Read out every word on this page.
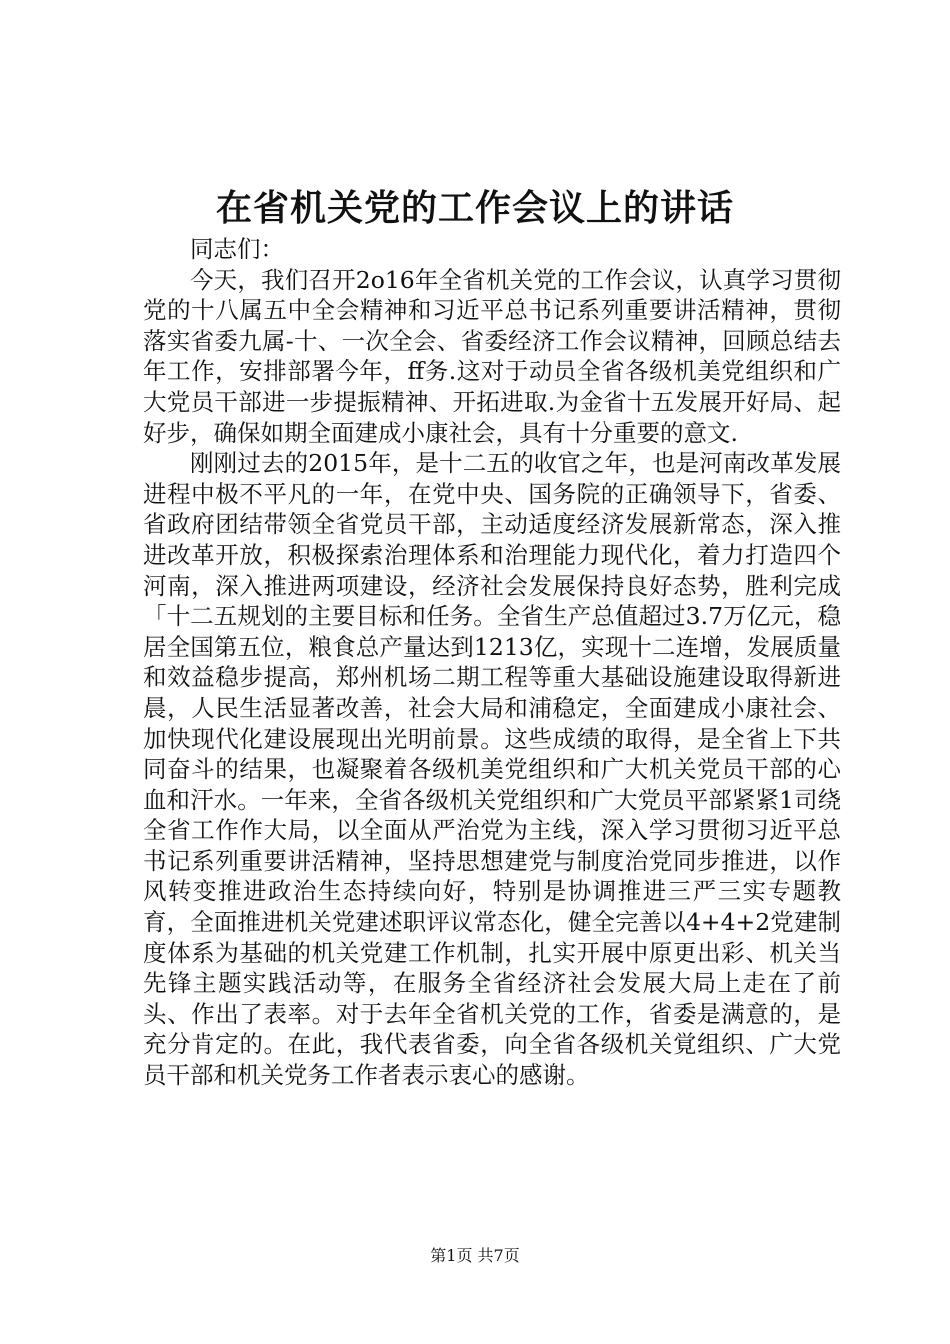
在省机关党的工作会议上的讲话

同志们：

今天，我们召开2o16年全省机关党的工作会议，认真学习贯彻党的十八属五中全会精神和习近平总书记系列重要讲活精神，贯彻落实省委九属-十、一次全会、省委经济工作会议精神，回顾总结去年工作，安排部署今年，ff务.这对于动员全省各级机美党组织和广大党员干部进一步提振精神、开拓进取.为金省十五发展开好局、起好步，确保如期全面建成小康社会，具有十分重要的意文.

刚刚过去的2015年，是十二五的收官之年，也是河南改革发展进程中极不平凡的一年，在党中央、国务院的正确领导下，省委、省政府团结带领全省党员干部，主动适度经济发展新常态，深入推进改革开放，积极探索治理体系和治理能力现代化，着力打造四个河南，深入推进两项建设，经济社会发展保持良好态势，胜利完成「十二五规划的主要目标和任务。全省生产总值超过3.7万亿元，稳居全国第五位，粮食总产量达到1213亿，实现十二连增，发展质量和效益稳步提高，郑州机场二期工程等重大基础设施建设取得新进晨，人民生活显著改善，社会大局和浦稳定，全面建成小康社会、加快现代化建设展现出光明前景。这些成绩的取得，是全省上下共同奋斗的结果，也凝聚着各级机美党组织和广大机关党员干部的心血和汗水。一年来，全省各级机关党组织和广大党员平部紧紧1司绕全省工作作大局，以全面从严治党为主线，深入学习贯彻习近平总书记系列重要讲活精神，坚持思想建党与制度治党同步推进，以作风转变推进政治生态持续向好，特别是协调推进三严三实专题教育，全面推进机关党建述职评议常态化，健全完善以4+4+2党建制度体系为基础的机关党建工作机制，扎实开展中原更出彩、机关当先锋主题实践活动等，在服务全省经济社会发展大局上走在了前头、作出了表率。对于去年全省机关党的工作，省委是满意的，是充分肯定的。在此，我代表省委，向全省各级机关覚组织、广大党员干部和机关党务工作者表示衷心的感谢。

第1页 共7页
